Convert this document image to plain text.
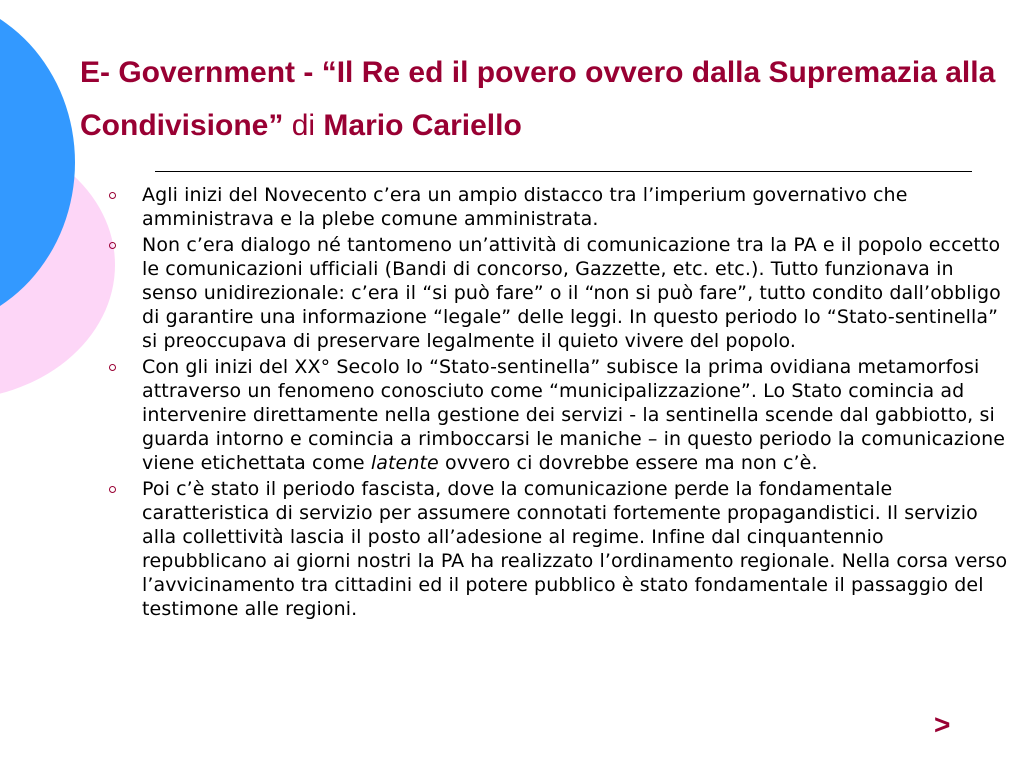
E- Government - “Il Re ed il povero ovvero dalla Supremazia alla Condivisione” di Mario Cariello
Agli inizi del Novecento c’era un ampio distacco tra l’imperium governativo che amministrava e la plebe comune amministrata.
Non c’era dialogo né tantomeno un’attività di comunicazione tra la PA e il popolo eccetto le comunicazioni ufficiali (Bandi di concorso, Gazzette, etc. etc.). Tutto funzionava in senso unidirezionale: c’era il “si può fare” o il “non si può fare”, tutto condito dall’obbligo di garantire una informazione “legale” delle leggi. In questo periodo lo “Stato-sentinella” si preoccupava di preservare legalmente il quieto vivere del popolo.
Con gli inizi del XX° Secolo lo “Stato-sentinella” subisce la prima ovidiana metamorfosi attraverso un fenomeno conosciuto come “municipalizzazione”. Lo Stato comincia ad intervenire direttamente nella gestione dei servizi - la sentinella scende dal gabbiotto, si guarda intorno e comincia a rimboccarsi le maniche – in questo periodo la comunicazione viene etichettata come latente ovvero ci dovrebbe essere ma non c’è.
Poi c’è stato il periodo fascista, dove la comunicazione perde la fondamentale caratteristica di servizio per assumere connotati fortemente propagandistici. Il servizio alla collettività lascia il posto all’adesione al regime. Infine dal cinquantennio repubblicano ai giorni nostri la PA ha realizzato l’ordinamento regionale. Nella corsa verso l’avvicinamento tra cittadini ed il potere pubblico è stato fondamentale il passaggio del testimone alle regioni.
>
